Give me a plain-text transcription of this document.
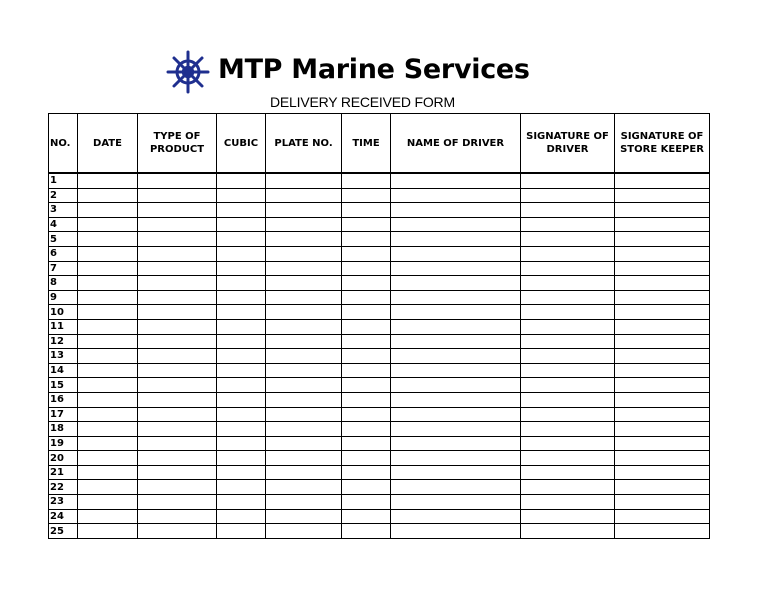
MTP Marine Services
DELIVERY RECEIVED FORM
NO.	DATE	TYPE OF PRODUCT	CUBIC	PLATE NO.	TIME	NAME OF DRIVER	SIGNATURE OF DRIVER	SIGNATURE OF STORE KEEPER
1								
2								
3								
4								
5								
6								
7								
8								
9								
10								
11								
12								
13								
14								
15								
16								
17								
18								
19								
20								
21								
22								
23								
24								
25								
